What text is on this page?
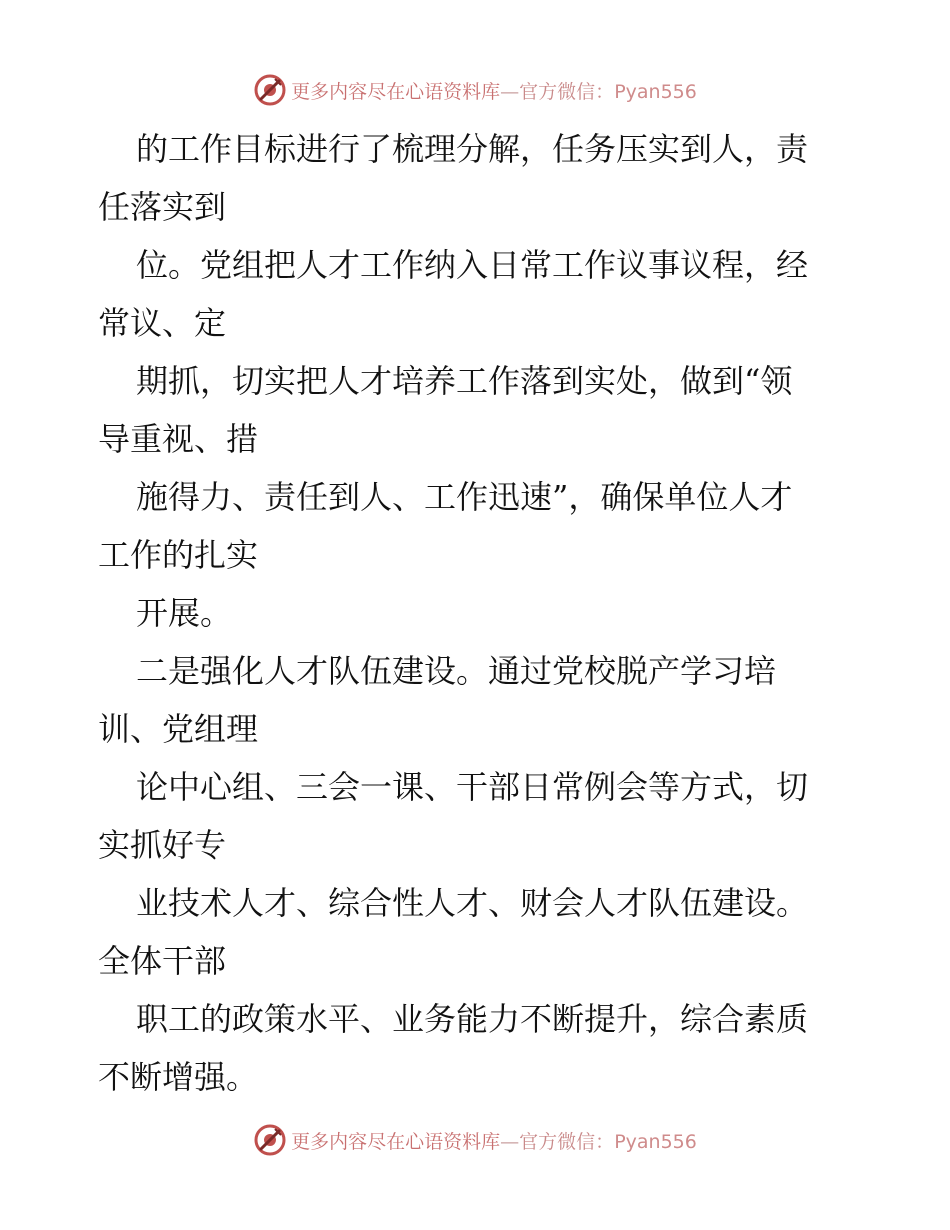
更多内容尽在心语资料库—官方微信：Pyan556
的工作目标进行了梳理分解，任务压实到人，责
任落实到
位。党组把人才工作纳入日常工作议事议程，经
常议、定
期抓，切实把人才培养工作落到实处，做到“领
导重视、措
施得力、责任到人、工作迅速”，确保单位人才
工作的扎实
开展。
二是强化人才队伍建设。通过党校脱产学习培
训、党组理
论中心组、三会一课、干部日常例会等方式，切
实抓好专
业技术人才、综合性人才、财会人才队伍建设。
全体干部
职工的政策水平、业务能力不断提升，综合素质
不断增强。
更多内容尽在心语资料库—官方微信：Pyan556
